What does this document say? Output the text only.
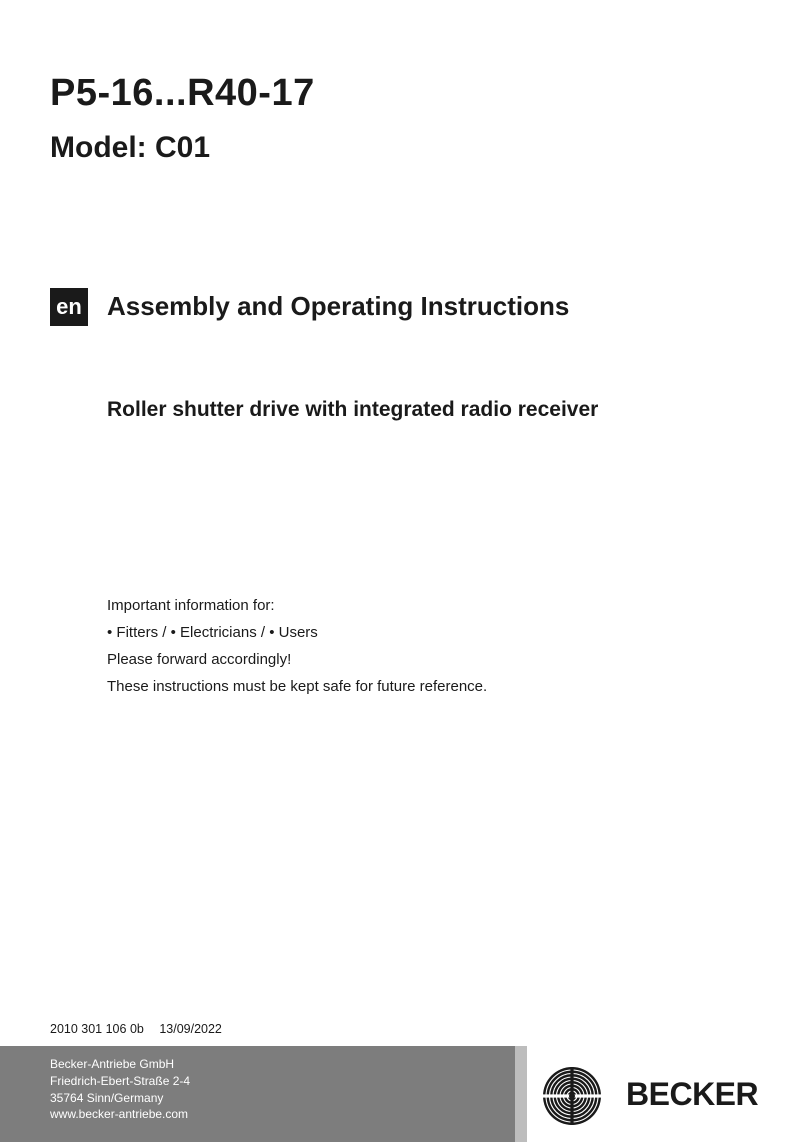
P5-16...R40-17
Model: C01
en Assembly and Operating Instructions
Roller shutter drive with integrated radio receiver
Important information for:
• Fitters / • Electricians / • Users
Please forward accordingly!
These instructions must be kept safe for future reference.
2010 301 106 0b 13/09/2022
Becker-Antriebe GmbH
Friedrich-Ebert-Straße 2-4
35764 Sinn/Germany
www.becker-antriebe.com
BECKER
